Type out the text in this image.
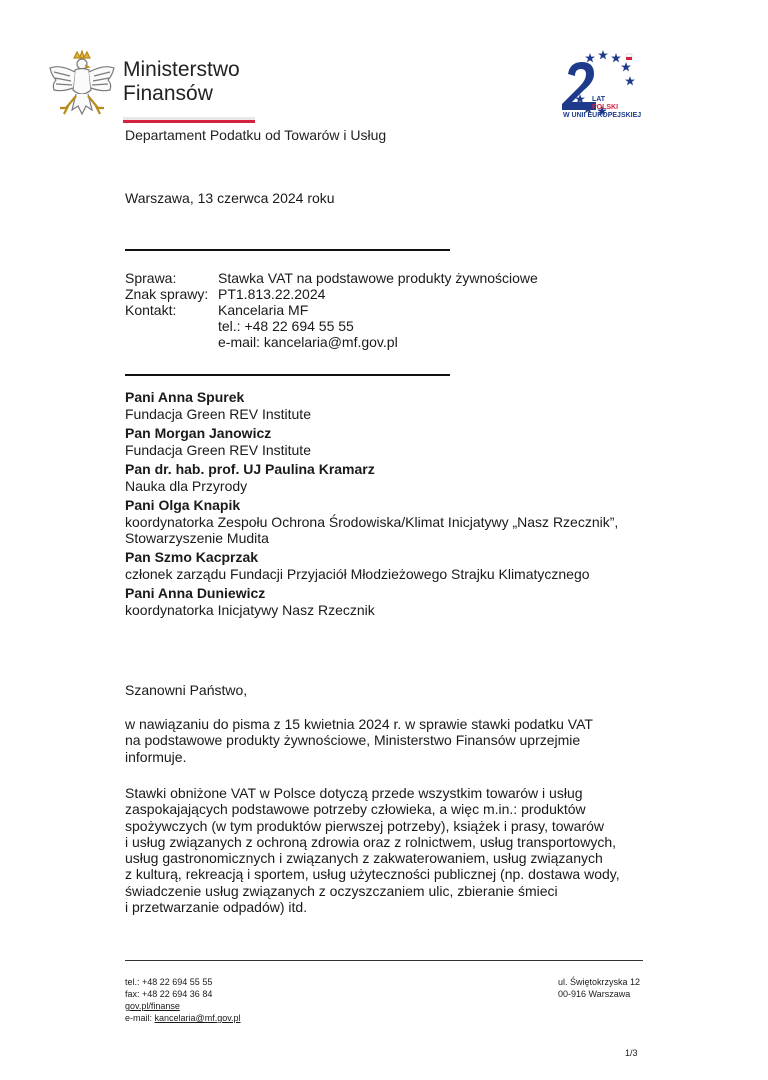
Ministerstwo
Finansów
Departament Podatku od Towarów i Usług
LAT
POLSKI
W UNII EUROPEJSKIEJ
Warszawa, 13 czerwca 2024 roku
Sprawa:	Stawka VAT na podstawowe produkty żywnościowe
Znak sprawy: PT1.813.22.2024
Kontakt:	Kancelaria MF
tel.: +48 22 694 55 55
e-mail: kancelaria@mf.gov.pl
Pani Anna Spurek
Fundacja Green REV Institute
Pan Morgan Janowicz
Fundacja Green REV Institute
Pan dr. hab. prof. UJ Paulina Kramarz
Nauka dla Przyrody
Pani Olga Knapik
koordynatorka Zespołu Ochrona Środowiska/Klimat Inicjatywy „Nasz Rzecznik”,
Stowarzyszenie Mudita
Pan Szmo Kacprzak
członek zarządu Fundacji Przyjaciół Młodzieżowego Strajku Klimatycznego
Pani Anna Duniewicz
koordynatorka Inicjatywy Nasz Rzecznik
Szanowni Państwo,
w nawiązaniu do pisma z 15 kwietnia 2024 r. w sprawie stawki podatku VAT
na podstawowe produkty żywnościowe, Ministerstwo Finansów uprzejmie
informuje.
Stawki obniżone VAT w Polsce dotyczą przede wszystkim towarów i usług
zaspokajających podstawowe potrzeby człowieka, a więc m.in.: produktów
spożywczych (w tym produktów pierwszej potrzeby), książek i prasy, towarów
i usług związanych z ochroną zdrowia oraz z rolnictwem, usług transportowych,
usług gastronomicznych i związanych z zakwaterowaniem, usług związanych
z kulturą, rekreacją i sportem, usług użyteczności publicznej (np. dostawa wody,
świadczenie usług związanych z oczyszczaniem ulic, zbieranie śmieci
i przetwarzanie odpadów) itd.
tel.: +48 22 694 55 55
fax: +48 22 694 36 84
gov.pl/finanse
e-mail: kancelaria@mf.gov.pl
ul. Świętokrzyska 12
00-916 Warszawa
1/3
